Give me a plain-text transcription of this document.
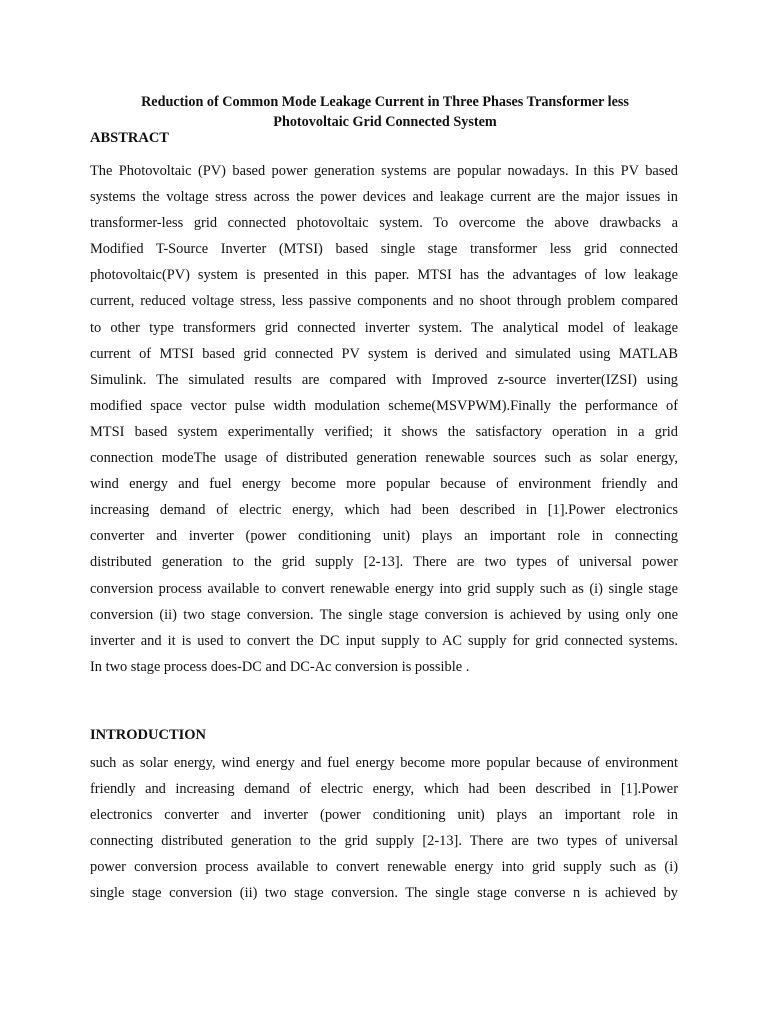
Reduction of Common Mode Leakage Current in Three Phases Transformer less
Photovoltaic Grid Connected System
ABSTRACT
The Photovoltaic (PV) based power generation systems are popular nowadays. In this PV based
systems the voltage stress across the power devices and leakage current are the major issues in
transformer-less grid connected photovoltaic system. To overcome the above drawbacks a
Modified T-Source Inverter (MTSI) based single stage transformer less grid connected
photovoltaic(PV) system is presented in this paper. MTSI has the advantages of low leakage
current, reduced voltage stress, less passive components and no shoot through problem compared
to other type transformers grid connected inverter system. The analytical model of leakage
current of MTSI based grid connected PV system is derived and simulated using MATLAB
Simulink. The simulated results are compared with Improved z-source inverter(IZSI) using
modified space vector pulse width modulation scheme(MSVPWM).Finally the performance of
MTSI based system experimentally verified; it shows the satisfactory operation in a grid
connection modeThe usage of distributed generation renewable sources such as solar energy,
wind energy and fuel energy become more popular because of environment friendly and
increasing demand of electric energy, which had been described in [1].Power electronics
converter and inverter (power conditioning unit) plays an important role in connecting
distributed generation to the grid supply [2-13]. There are two types of universal power
conversion process available to convert renewable energy into grid supply such as (i) single stage
conversion (ii) two stage conversion. The single stage conversion is achieved by using only one
inverter and it is used to convert the DC input supply to AC supply for grid connected systems.
In two stage process does-DC and DC-Ac conversion is possible .
INTRODUCTION
such as solar energy, wind energy and fuel energy become more popular because of environment
friendly and increasing demand of electric energy, which had been described in [1].Power
electronics converter and inverter (power conditioning unit) plays an important role in
connecting distributed generation to the grid supply [2-13]. There are two types of universal
power conversion process available to convert renewable energy into grid supply such as (i)
single stage conversion (ii) two stage conversion. The single stage converse n is achieved by
